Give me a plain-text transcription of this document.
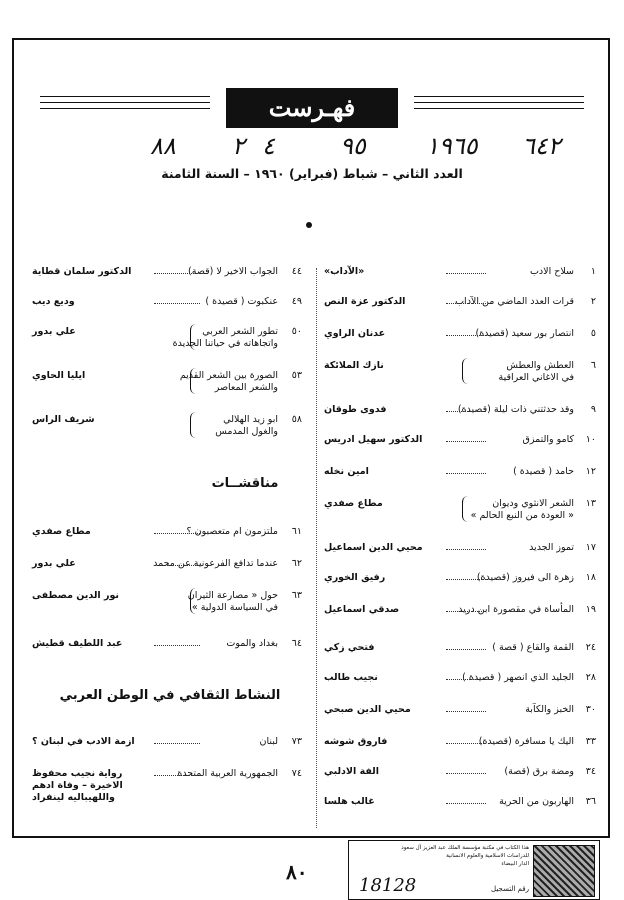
فهـرست
٨٨ ٢ ٤	٩٥	١٩٦٥ ٦٤٢
العدد الثاني – شباط (فبراير) ١٩٦٠ – السنة الثامنة
١
سلاح الادب
«الآداب»
٢
قرات العدد الماضي من الآداب
الدكتور عزة النص
٥
انتصار بور سعيد (قصيدة)
عدنان الراوي
٦
العطش والعطش
في الاغاني العراقية
نازك الملائكة
٩
وقد حدثتني ذات ليلة (قصيدة)
فدوى طوقان
١٠
كامو والتمزق
الدكتور سهيل ادريس
١٢
حامد ( قصيدة )
امين نخله
١٣
الشعر الانثوي وديوان
« العودة من النبع الحالم »
مطاع صفدي
١٧
تموز الجديد
محيي الدين اسماعيل
١٨
زهرة الى فيروز (قصيدة)
رفيق الخوري
١٩
المأساة في مقصورة ابن دريد
صدقي اسماعيل
٢٤
القمة والقاع ( قصة )
فتحي زكي
٢٨
الجليد الذي انصهر ( قصيدة )
نجيب طالب
٣٠
الخبز والكآبة
محيي الدين صبحي
٣٣
اليك يا مسافرة (قصيدة)
فاروق شوشه
٣٤
ومضة برق (قصة)
الفة الادلبي
٣٦
الهاربون من الحرية
غالب هلسا
٤٤
الجواب الاخير لا (قصة)
الدكتور سلمان قطاية
٤٩
عنكبوت ( قصيدة )
وديع ديب
٥٠
تطور الشعر العربي
واتجاهاته في حياتنا الجديدة
علي بدور
٥٣
الصورة بين الشعر القديم
والشعر المعاصر
ايليا الحاوي
٥٨
ابو زيد الهلالي
والغول المدمس
شريف الراس
٦١
ملتزمون ام متعصبون ؟
مطاع صفدي
٦٢
عندما تدافع الفرعونية عن محمد
علي بدور
٦٣
حول « مصارعة الثيران
في السياسة الدولية »
نور الدين مصطفى
٦٤
بغداد والموت
عبد اللطيف قطيش
٧٣
لبنان
ازمة الادب في لبنان ؟
٧٤
الجمهورية العربية المتحدة
رواية نجيب محفوظ
الاخيرة – وفاة ادهم
والله‍يباليه لينفراد
مناقشــات
النشاط الثقافي في الوطن العربي
٨٠
هذا الكتاب في مكتبة مؤسسة الملك عبد العزيز آل سعود
للدراسات الاسلامية والعلوم الانسانية
الدار البيضاء
رقم التسجيل
18128
